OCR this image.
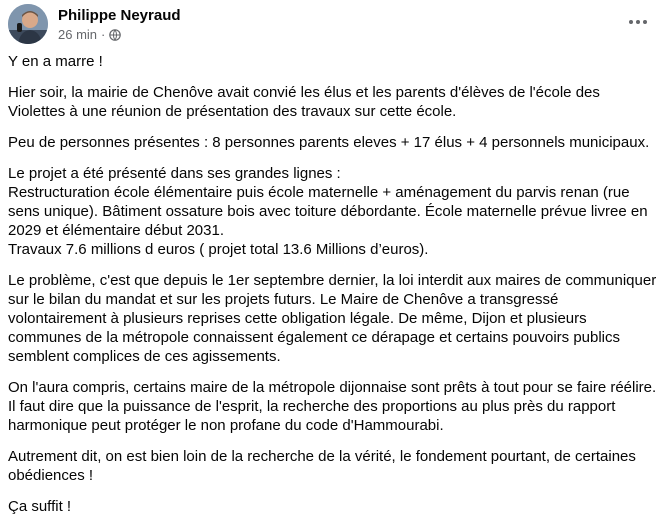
Philippe Neyraud
26 min ·

Y en a marre !

Hier soir, la mairie de Chenôve avait convié les élus et les parents d'élèves de l'école des Violettes à une réunion de présentation des travaux sur cette école.

Peu de personnes présentes : 8 personnes parents eleves + 17 élus + 4 personnels municipaux.

Le projet a été présenté dans ses grandes lignes :
Restructuration école élémentaire puis école maternelle + aménagement du parvis renan (rue sens unique). Bâtiment ossature bois avec toiture débordante. École maternelle prévue livree en 2029 et élémentaire début 2031.
Travaux 7.6 millions d euros ( projet total 13.6 Millions d’euros).

Le problème, c'est que depuis le 1er septembre dernier, la loi interdit aux maires de communiquer sur le bilan du mandat et sur les projets futurs. Le Maire de Chenôve a transgressé volontairement à plusieurs reprises cette obligation légale. De même, Dijon et plusieurs communes de la métropole connaissent également ce dérapage et certains pouvoirs publics semblent complices de ces agissements.

On l'aura compris, certains maire de la métropole dijonnaise sont prêts à tout pour se faire réélire. Il faut dire que la puissance de l'esprit, la recherche des proportions au plus près du rapport harmonique peut protéger le non profane du code d'Hammourabi.

Autrement dit, on est bien loin de la recherche de la vérité, le fondement pourtant, de certaines obédiences !

Ça suffit !
